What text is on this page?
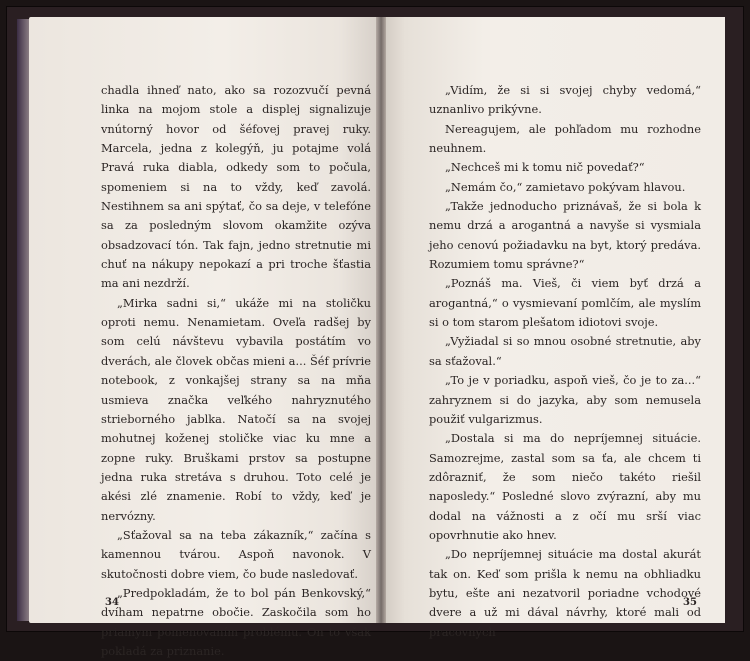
chadla ihneď nato, ako sa rozozvučí pevná linka na mojom stole a displej signalizuje vnútorný hovor od šéfovej pravej ruky. Marcela, jedna z kolegýň, ju potajme volá Pravá ruka diabla, odkedy som to počula, spomeniem si na to vždy, keď zavolá. Nestihnem sa ani spýtať, čo sa deje, v telefóne sa za posledným slovom okamžite ozýva obsadzovací tón. Tak fajn, jedno stretnutie mi chuť na nákupy nepokazí a pri troche šťastia ma ani nezdrží.

„Mirka sadni si,“ ukáže mi na stoličku oproti nemu. Nenamietam. Oveľa radšej by som celú návštevu vybavila postátím vo dverách, ale človek občas mieni a... Šéf prívrie notebook, z vonkajšej strany sa na mňa usmieva značka veľkého nahryznutého strieborného jablka. Natočí sa na svojej mohutnej koženej stoličke viac ku mne a zopne ruky. Bruškami prstov sa postupne jedna ruka stretáva s druhou. Toto celé je akési zlé znamenie. Robí to vždy, keď je nervózny.

„Sťažoval sa na teba zákazník,“ začína s kamennou tvárou. Aspoň navonok. V skutočnosti dobre viem, čo bude nasledovať.

„Predpokladám, že to bol pán Benkovský,“ dvíham nepatrne obočie. Zaskočila som ho priamym pomenovaním problému. On to však pokladá za priznanie.

34

„Vidím, že si si svojej chyby vedomá,“ uznanlivo prikývne.

Nereagujem, ale pohľadom mu rozhodne neuhnem.

„Nechceš mi k tomu nič povedať?“

„Nemám čo,“ zamietavo pokývam hlavou.

„Takže jednoducho priznávaš, že si bola k nemu drzá a arogantná a navyše si vysmiala jeho cenovú požiadavku na byt, ktorý predáva. Rozumiem tomu správne?“

„Poznáš ma. Vieš, či viem byť drzá a arogantná,“ o vysmievaní pomlčím, ale myslím si o tom starom plešatom idiotovi svoje.

„Vyžiadal si so mnou osobné stretnutie, aby sa sťažoval.“

„To je v poriadku, aspoň vieš, čo je to za...“ zahryznem si do jazyka, aby som nemusela použiť vulgarizmus.

„Dostala si ma do nepríjemnej situácie. Samozrejme, zastal som sa ťa, ale chcem ti zdôrazniť, že som niečo takéto riešil naposledy.“ Posledné slovo zvýrazní, aby mu dodal na vážnosti a z očí mu srší viac opovrhnutie ako hnev.

„Do nepríjemnej situácie ma dostal akurát tak on. Keď som prišla k nemu na obhliadku bytu, ešte ani nezatvoril poriadne vchodové dvere a už mi dával návrhy, ktoré mali od pracovných

35
